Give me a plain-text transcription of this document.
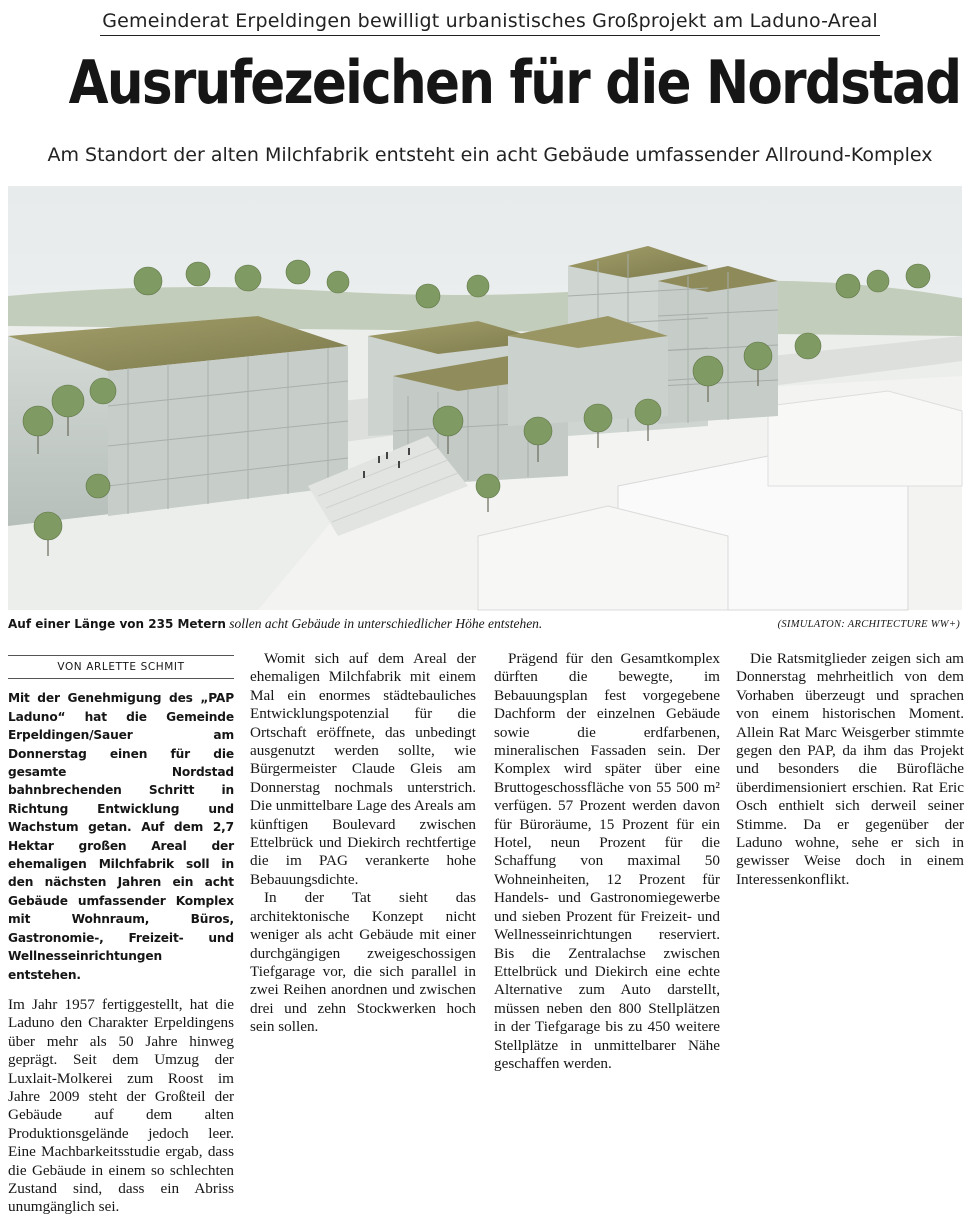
Gemeinderat Erpeldingen bewilligt urbanistisches Großprojekt am Laduno-Areal
Ausrufezeichen für die Nordstad
Am Standort der alten Milchfabrik entsteht ein acht Gebäude umfassender Allround-Komplex
Auf einer Länge von 235 Metern sollen acht Gebäude in unterschiedlicher Höhe entstehen.	(SIMULATON: ARCHITECTURE WW+)
VON ARLETTE SCHMIT

Mit der Genehmigung des „PAP Laduno“ hat die Gemeinde Erpeldingen/Sauer am Donnerstag einen für die gesamte Nordstad bahnbrechenden Schritt in Richtung Entwicklung und Wachstum getan. Auf dem 2,7 Hektar großen Areal der ehemaligen Milchfabrik soll in den nächsten Jahren ein acht Gebäude umfassender Komplex mit Wohnraum, Büros, Gastronomie-, Freizeit- und Wellnesseinrichtungen entstehen.

Im Jahr 1957 fertiggestellt, hat die Laduno den Charakter Erpeldingens über mehr als 50 Jahre hinweg geprägt. Seit dem Umzug der Luxlait-Molkerei zum Roost im Jahre 2009 steht der Großteil der Gebäude auf dem alten Produktionsgelände jedoch leer. Eine Machbarkeitsstudie ergab, dass die Gebäude in einem so schlechten Zustand sind, dass ein Abriss unumgänglich sei.

Womit sich auf dem Areal der ehemaligen Milchfabrik mit einem Mal ein enormes städtebauliches Entwicklungspotenzial für die Ortschaft eröffnete, das unbedingt ausgenutzt werden sollte, wie Bürgermeister Claude Gleis am Donnerstag nochmals unterstrich. Die unmittelbare Lage des Areals am künftigen Boulevard zwischen Ettelbrück und Diekirch rechtfertige die im PAG verankerte hohe Bebauungsdichte.

In der Tat sieht das architektonische Konzept nicht weniger als acht Gebäude mit einer durchgängigen zweigeschossigen Tiefgarage vor, die sich parallel in zwei Reihen anordnen und zwischen drei und zehn Stockwerken hoch sein sollen.

Prägend für den Gesamtkomplex dürften die bewegte, im Bebauungsplan fest vorgegebene Dachform der einzelnen Gebäude sowie die erdfarbenen, mineralischen Fassaden sein. Der Komplex wird später über eine Bruttogeschossfläche von 55 500 m² verfügen. 57 Prozent werden davon für Büroräume, 15 Prozent für ein Hotel, neun Prozent für die Schaffung von maximal 50 Wohneinheiten, 12 Prozent für Handels- und Gastronomiegewerbe und sieben Prozent für Freizeit- und Wellnesseinrichtungen reserviert. Bis die Zentralachse zwischen Ettelbrück und Diekirch eine echte Alternative zum Auto darstellt, müssen neben den 800 Stellplätzen in der Tiefgarage bis zu 450 weitere Stellplätze in unmittelbarer Nähe geschaffen werden.

Die Ratsmitglieder zeigen sich am Donnerstag mehrheitlich von dem Vorhaben überzeugt und sprachen von einem historischen Moment. Allein Rat Marc Weisgerber stimmte gegen den PAP, da ihm das Projekt und besonders die Bürofläche überdimensioniert erschien. Rat Eric Osch enthielt sich derweil seiner Stimme. Da er gegenüber der Laduno wohne, sehe er sich in gewisser Weise doch in einem Interessenkonflikt.
